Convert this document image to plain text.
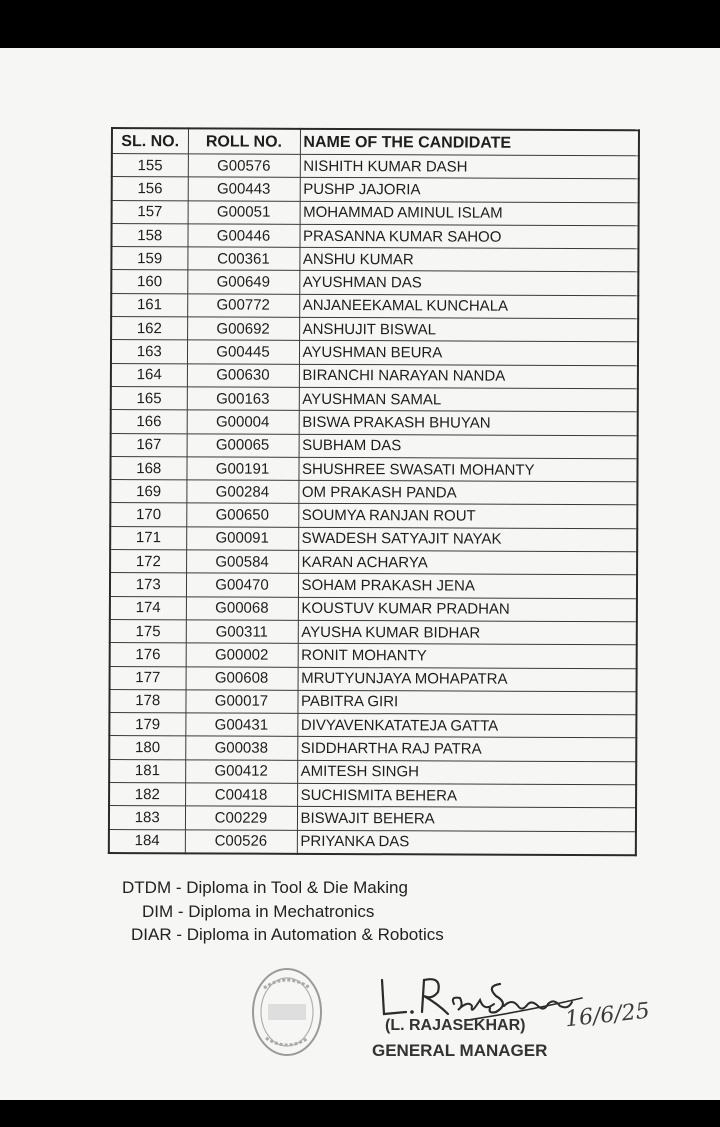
SL. NO.	ROLL NO.	NAME OF THE CANDIDATE
155	G00576	NISHITH KUMAR DASH
156	G00443	PUSHP JAJORIA
157	G00051	MOHAMMAD AMINUL ISLAM
158	G00446	PRASANNA KUMAR SAHOO
159	C00361	ANSHU KUMAR
160	G00649	AYUSHMAN DAS
161	G00772	ANJANEEKAMAL KUNCHALA
162	G00692	ANSHUJIT BISWAL
163	G00445	AYUSHMAN BEURA
164	G00630	BIRANCHI NARAYAN NANDA
165	G00163	AYUSHMAN SAMAL
166	G00004	BISWA PRAKASH BHUYAN
167	G00065	SUBHAM DAS
168	G00191	SHUSHREE SWASATI MOHANTY
169	G00284	OM PRAKASH PANDA
170	G00650	SOUMYA RANJAN ROUT
171	G00091	SWADESH SATYAJIT NAYAK
172	G00584	KARAN ACHARYA
173	G00470	SOHAM PRAKASH JENA
174	G00068	KOUSTUV KUMAR PRADHAN
175	G00311	AYUSHA KUMAR BIDHAR
176	G00002	RONIT MOHANTY
177	G00608	MRUTYUNJAYA MOHAPATRA
178	G00017	PABITRA GIRI
179	G00431	DIVYAVENKATATEJA GATTA
180	G00038	SIDDHARTHA RAJ PATRA
181	G00412	AMITESH SINGH
182	C00418	SUCHISMITA BEHERA
183	C00229	BISWAJIT BEHERA
184	C00526	PRIYANKA DAS
DTDM - Diploma in Tool & Die Making
DIM - Diploma in Mechatronics
DIAR - Diploma in Automation & Robotics
(L. RAJASEKHAR) 16/6/25
GENERAL MANAGER
